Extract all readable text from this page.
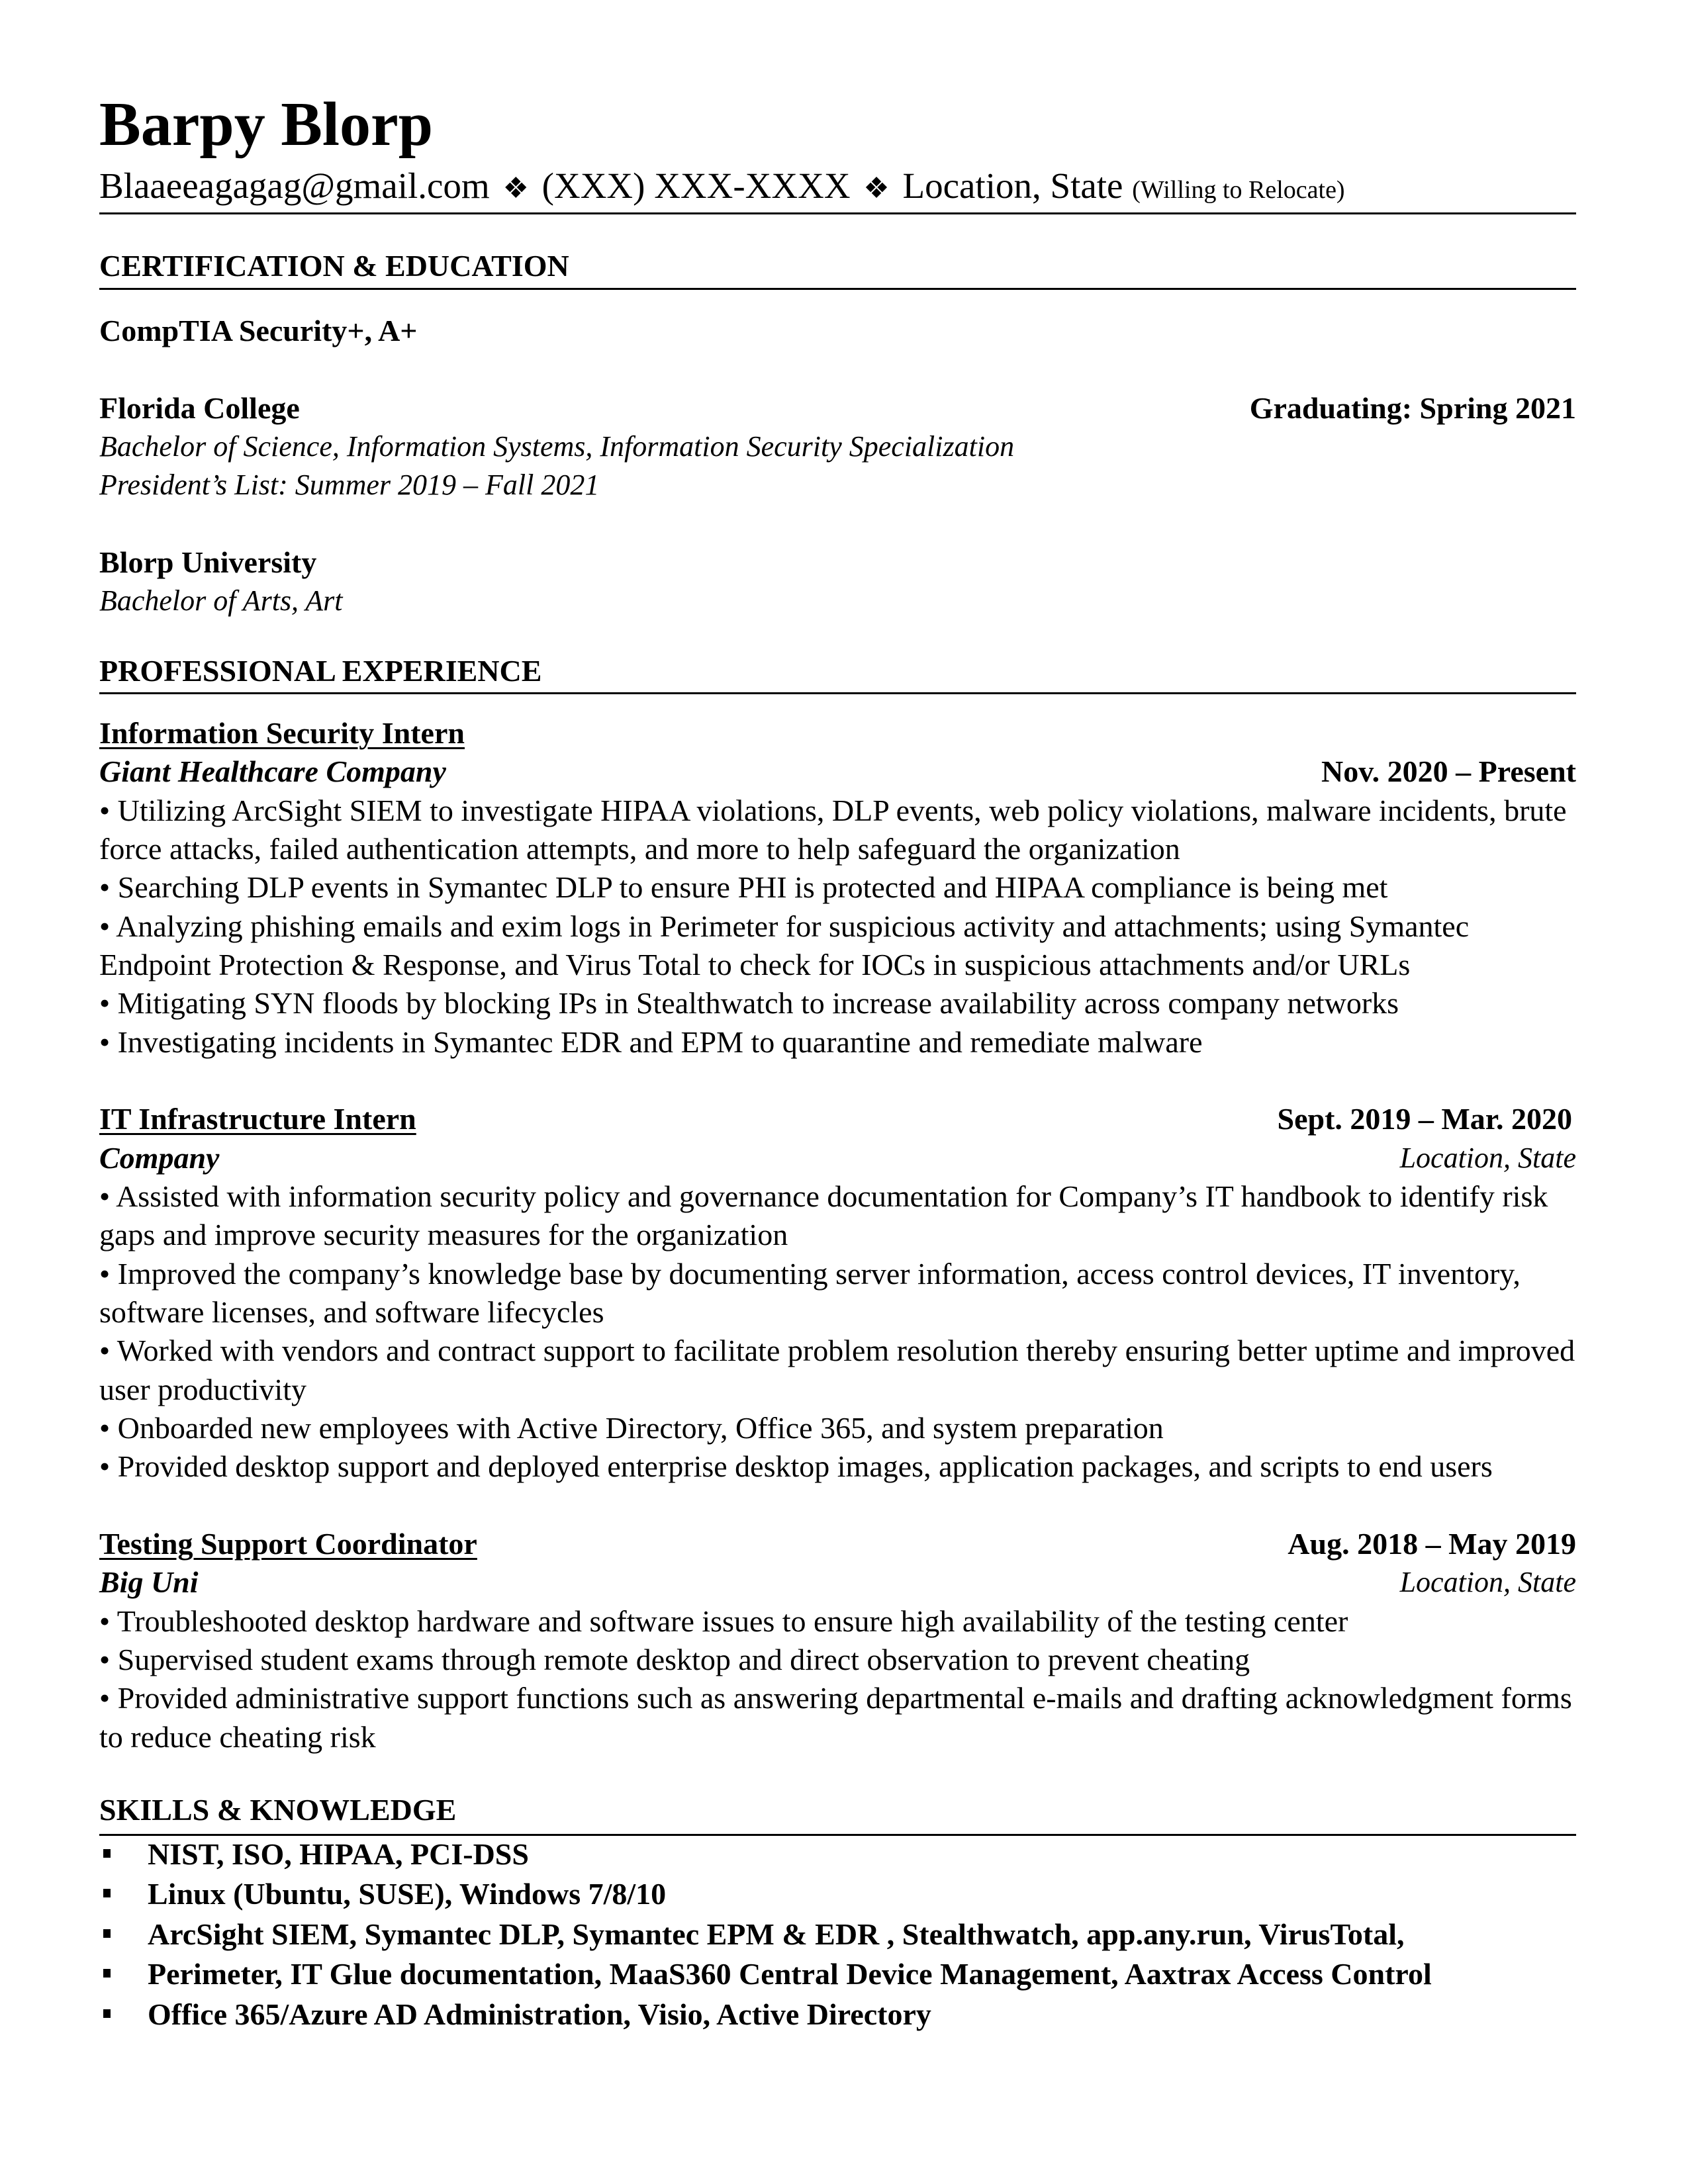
Barpy Blorp
Blaaeeagagag@gmail.com ❖ (XXX) XXX-XXXX ❖ Location, State (Willing to Relocate)
CERTIFICATION & EDUCATION
CompTIA Security+, A+
Florida College	Graduating: Spring 2021
Bachelor of Science, Information Systems, Information Security Specialization
President’s List: Summer 2019 – Fall 2021
Blorp University
Bachelor of Arts, Art
PROFESSIONAL EXPERIENCE
Information Security Intern
Giant Healthcare Company	Nov. 2020 – Present
• Utilizing ArcSight SIEM to investigate HIPAA violations, DLP events, web policy violations, malware incidents, brute force attacks, failed authentication attempts, and more to help safeguard the organization
• Searching DLP events in Symantec DLP to ensure PHI is protected and HIPAA compliance is being met
• Analyzing phishing emails and exim logs in Perimeter for suspicious activity and attachments; using Symantec Endpoint Protection & Response, and Virus Total to check for IOCs in suspicious attachments and/or URLs
• Mitigating SYN floods by blocking IPs in Stealthwatch to increase availability across company networks
• Investigating incidents in Symantec EDR and EPM to quarantine and remediate malware
IT Infrastructure Intern	Sept. 2019 – Mar. 2020
Company	Location, State
• Assisted with information security policy and governance documentation for Company’s IT handbook to identify risk gaps and improve security measures for the organization
• Improved the company’s knowledge base by documenting server information, access control devices, IT inventory, software licenses, and software lifecycles
• Worked with vendors and contract support to facilitate problem resolution thereby ensuring better uptime and improved user productivity
• Onboarded new employees with Active Directory, Office 365, and system preparation
• Provided desktop support and deployed enterprise desktop images, application packages, and scripts to end users
Testing Support Coordinator	Aug. 2018 – May 2019
Big Uni	Location, State
• Troubleshooted desktop hardware and software issues to ensure high availability of the testing center
• Supervised student exams through remote desktop and direct observation to prevent cheating
• Provided administrative support functions such as answering departmental e-mails and drafting acknowledgment forms to reduce cheating risk
SKILLS & KNOWLEDGE
NIST, ISO, HIPAA, PCI-DSS
Linux (Ubuntu, SUSE), Windows 7/8/10
ArcSight SIEM, Symantec DLP, Symantec EPM & EDR , Stealthwatch, app.any.run, VirusTotal,
Perimeter, IT Glue documentation, MaaS360 Central Device Management, Aaxtrax Access Control
Office 365/Azure AD Administration, Visio, Active Directory
